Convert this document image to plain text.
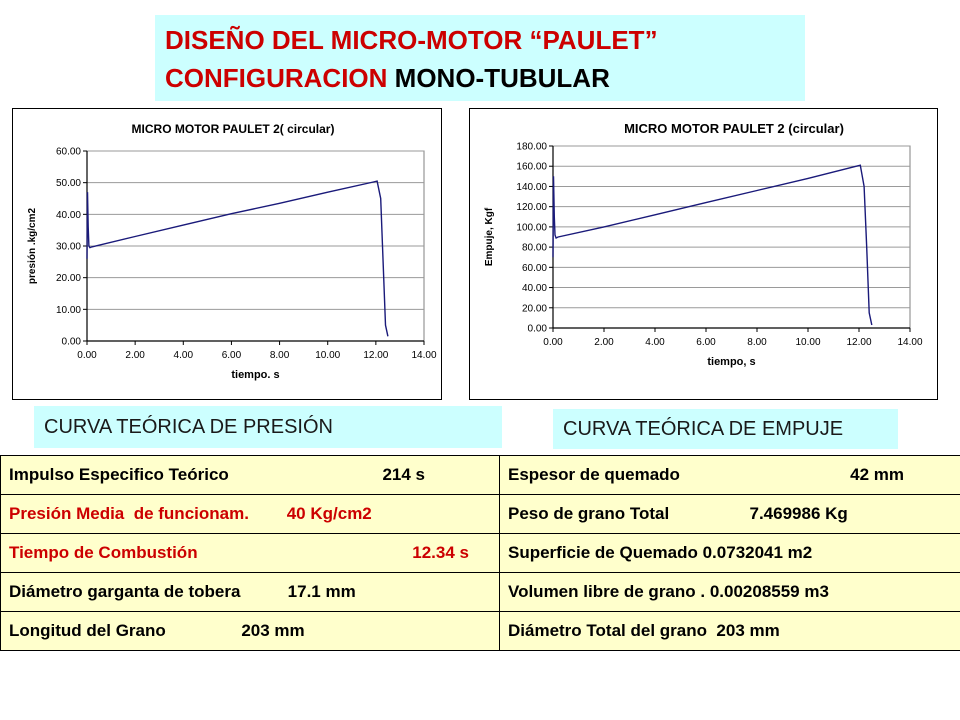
DISEÑO DEL MICRO-MOTOR “PAULET”
CONFIGURACION MONO-TUBULAR
0.00
10.00
20.00
30.00
40.00
50.00
60.00
0.00	2.00	4.00	6.00	8.00	10.00 12.00 14.00
MICRO MOTOR PAULET 2( circular)
tiempo. s
presión .kg/cm2
0.00
20.00
40.00
60.00
80.00
100.00
120.00
140.00
160.00
180.00
0.00	2.00	4.00	6.00	8.00	10.00	12.00	14.00
MICRO MOTOR PAULET 2 (circular)
tiempo, s
Empuje, Kgf
CURVA TEÓRICA DE PRESIÓN	CURVA TEÓRICA DE EMPUJE
Impulso Especifico Teórico 214 s	Espesor de quemado 42 mm

Presión Media  de funcionam.        40 Kg/cm2	Peso de grano Total                 7.469986 Kg

Tiempo de Combustión 12.34 s	Superficie de Quemado 0.0732041 m2
Diámetro garganta de tobera          17.1 mm	Volumen libre de grano . 0.00208559 m3
Longitud del Grano                203 mm	Diámetro Total del grano  203 mm
